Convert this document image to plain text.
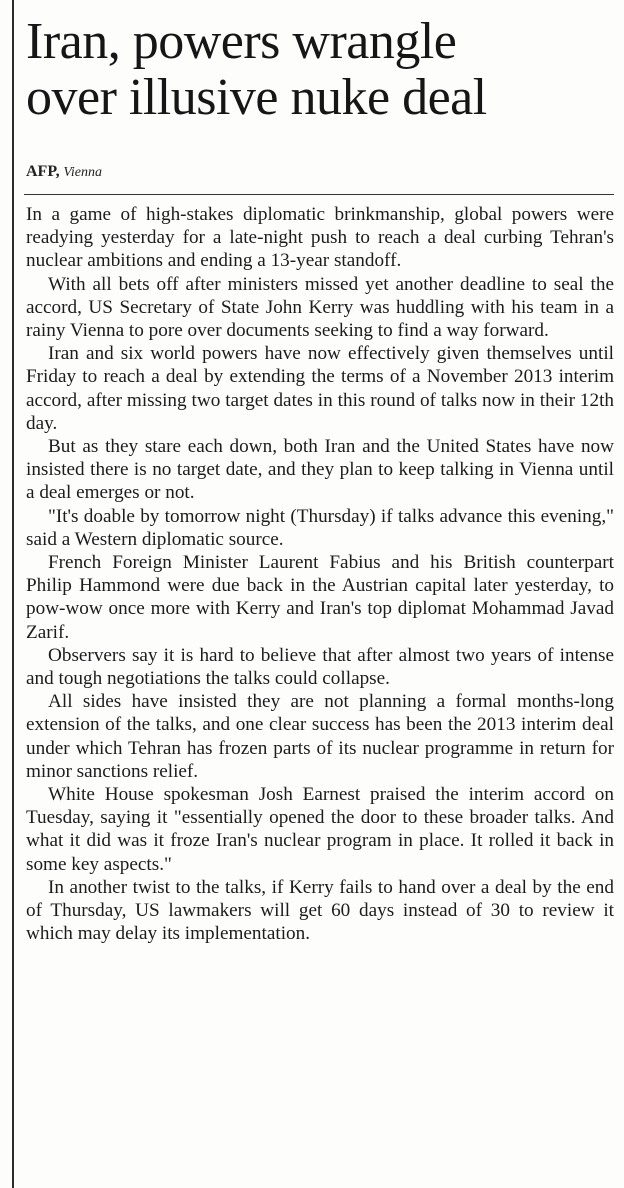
Iran, powers wrangle
over illusive nuke deal
AFP, Vienna

In a game of high-stakes diplomatic brinkmanship, global powers were readying yesterday for a late-night push to reach a deal curbing Tehran's nuclear ambitions and ending a 13-year standoff.

With all bets off after ministers missed yet another deadline to seal the accord, US Secretary of State John Kerry was huddling with his team in a rainy Vienna to pore over documents seeking to find a way forward.

Iran and six world powers have now effectively given themselves until Friday to reach a deal by extending the terms of a November 2013 interim accord, after missing two target dates in this round of talks now in their 12th day.

But as they stare each down, both Iran and the United States have now insisted there is no target date, and they plan to keep talking in Vienna until a deal emerges or not.

"It's doable by tomorrow night (Thursday) if talks advance this evening," said a Western diplomatic source.

French Foreign Minister Laurent Fabius and his British counterpart Philip Hammond were due back in the Austrian capital later yesterday, to pow-wow once more with Kerry and Iran's top diplomat Mohammad Javad Zarif.

Observers say it is hard to believe that after almost two years of intense and tough negotiations the talks could collapse.

All sides have insisted they are not planning a formal months-long extension of the talks, and one clear success has been the 2013 interim deal under which Tehran has frozen parts of its nuclear programme in return for minor sanctions relief.

White House spokesman Josh Earnest praised the interim accord on Tuesday, saying it "essentially opened the door to these broader talks. And what it did was it froze Iran's nuclear program in place. It rolled it back in some key aspects."

In another twist to the talks, if Kerry fails to hand over a deal by the end of Thursday, US lawmakers will get 60 days instead of 30 to review it which may delay its implementation.
